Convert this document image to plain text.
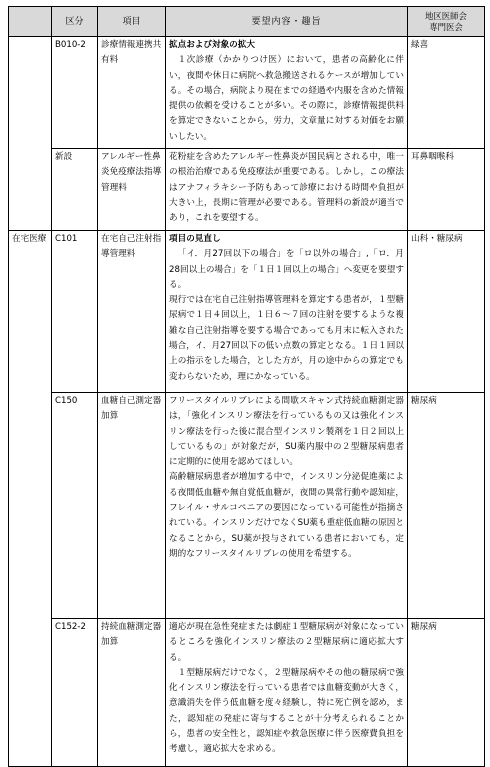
	区分	項目	要望内容・趣旨	地区医師会
専門医会
	B010-2	診療情報連携共有料	拡点および対象の拡大

１次診療（かかりつけ医）において，患者の高齢化に伴い，夜間や休日に病院へ救急搬送されるケースが増加している。その場合，病院より現在までの経過や内服を含めた情報提供の依頼を受けることが多い。その際に，診療情報提供料を算定できないことから，労力，文章量に対する対価をお願いしたい。	緑喜
	新設	アレルギー性鼻炎免疫療法指導管理料	花粉症を含めたアレルギー性鼻炎が国民病とされる中，唯一の根治治療である免疫療法が重要である。しかし，この療法はアナフィラキシー予防もあって診療における時間や負担が大きい上，長期に管理が必要である。管理料の新設が適当であり，これを要望する。	耳鼻咽喉科
在宅医療	C101	在宅自己注射指導管理料	項目の見直し

「イ．月27回以下の場合」を「ロ以外の場合」,「ロ．月28回以上の場合」を「１日１回以上の場合」へ変更を要望する。

現行では在宅自己注射指導管理料を算定する患者が，１型糖尿病で１日４回以上，１日６～７回の注射を要するような複雑な自己注射指導を要する場合であっても月末に転入された場合，イ．月27回以下の低い点数の算定となる。１日１回以上の指示をした場合，とした方が，月の途中からの算定でも変わらないため，理にかなっている。	山科・糖尿病
	C150	血糖自己測定器加算	フリースタイルリブレによる間歇スキャン式持続血糖測定器は，「強化インスリン療法を行っているもの又は強化インスリン療法を行った後に混合型インスリン製剤を１日２回以上しているもの」が対象だが，SU薬内服中の２型糖尿病患者に定期的に使用を認めてほしい。

高齢糖尿病患者が増加する中で，インスリン分泌促進薬による夜間低血糖や無自覚低血糖が，夜間の異常行動や認知症，フレイル・サルコペニアの要因になっている可能性が指摘されている。インスリンだけでなくSU薬も重症低血糖の原因となることから，SU薬が投与されている患者においても，定期的なフリースタイルリブレの使用を希望する。	糖尿病
	C152-2	持続血糖測定器加算	適応が現在急性発症または劇症１型糖尿病が対象になっているところを強化インスリン療法の２型糖尿病に適応拡大する。

１型糖尿病だけでなく，２型糖尿病やその他の糖尿病で強化インスリン療法を行っている患者では血糖変動が大きく，意識消失を伴う低血糖を度々経験し，特に死亡例を認め，また，認知症の発症に寄与することが十分考えられることから，患者の安全性と，認知症や救急医療に伴う医療費負担を考慮し，適応拡大を求める。	糖尿病
